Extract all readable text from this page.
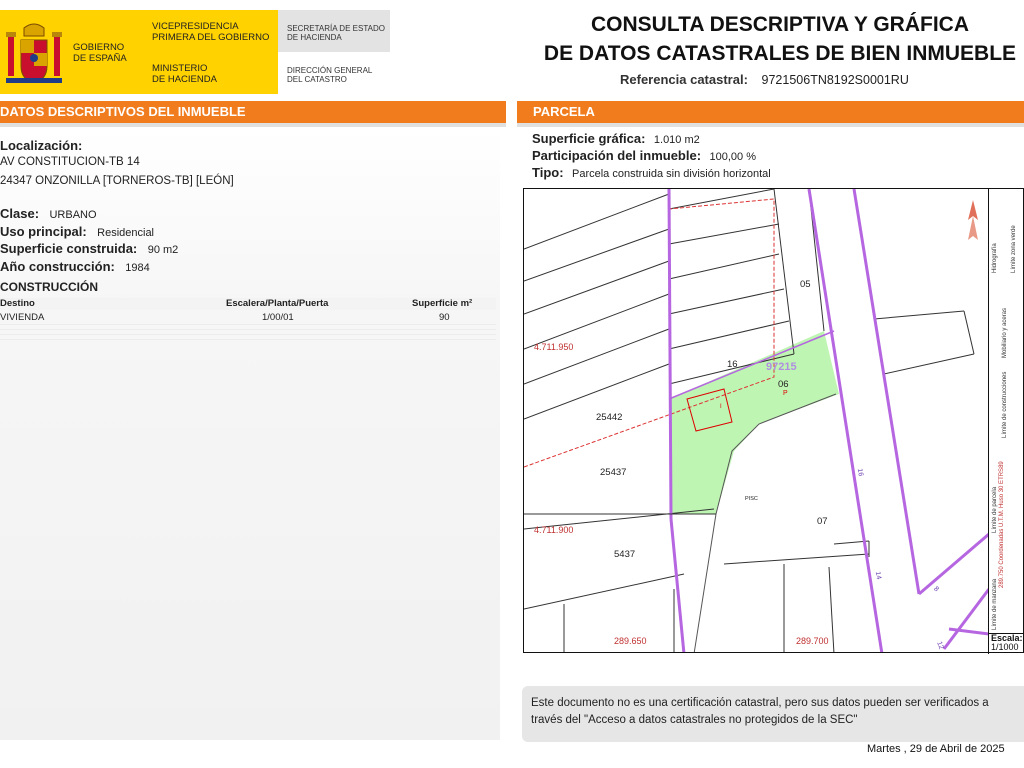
GOBIERNO
DE ESPAÑA
VICEPRESIDENCIA
PRIMERA DEL GOBIERNO
MINISTERIO
DE HACIENDA
SECRETARÍA DE ESTADO
DE HACIENDA
DIRECCIÓN GENERAL
DEL CATASTRO
CONSULTA DESCRIPTIVA Y GRÁFICA
DE DATOS CATASTRALES DE BIEN INMUEBLE
Referencia catastral: 9721506TN8192S0001RU
DATOS DESCRIPTIVOS DEL INMUEBLE
Localización:
AV CONSTITUCION-TB 14
24347 ONZONILLA [TORNEROS-TB] [LEÓN]
Clase: URBANO
Uso principal: Residencial
Superficie construida: 90 m2
Año construcción: 1984
CONSTRUCCIÓN
Destino	Escalera/Planta/Puerta	Superficie m²
VIVIENDA	1/00/01	90
PARCELA
Superficie gráfica: 1.010 m2
Participación del inmueble: 100,00 %
Tipo: Parcela construida sin división horizontal
4.711.950
4.711.900
289.650	289.700
05
16	97215
06
P
25442
25437
PISC
07
5437
I
16
14
12
8	Límite de manzana
Límite de parcela
Límite de construcciones
Mobiliario y aceras
Límite zona verde
Hidrografía
289.750 Coordenadas U.T.M. Huso 30 ETRS89
Escala:
1/1000
Este documento no es una certificación catastral, pero sus datos pueden ser verificados a través del "Acceso a datos catastrales no protegidos de la SEC"
Martes , 29 de Abril de 2025
